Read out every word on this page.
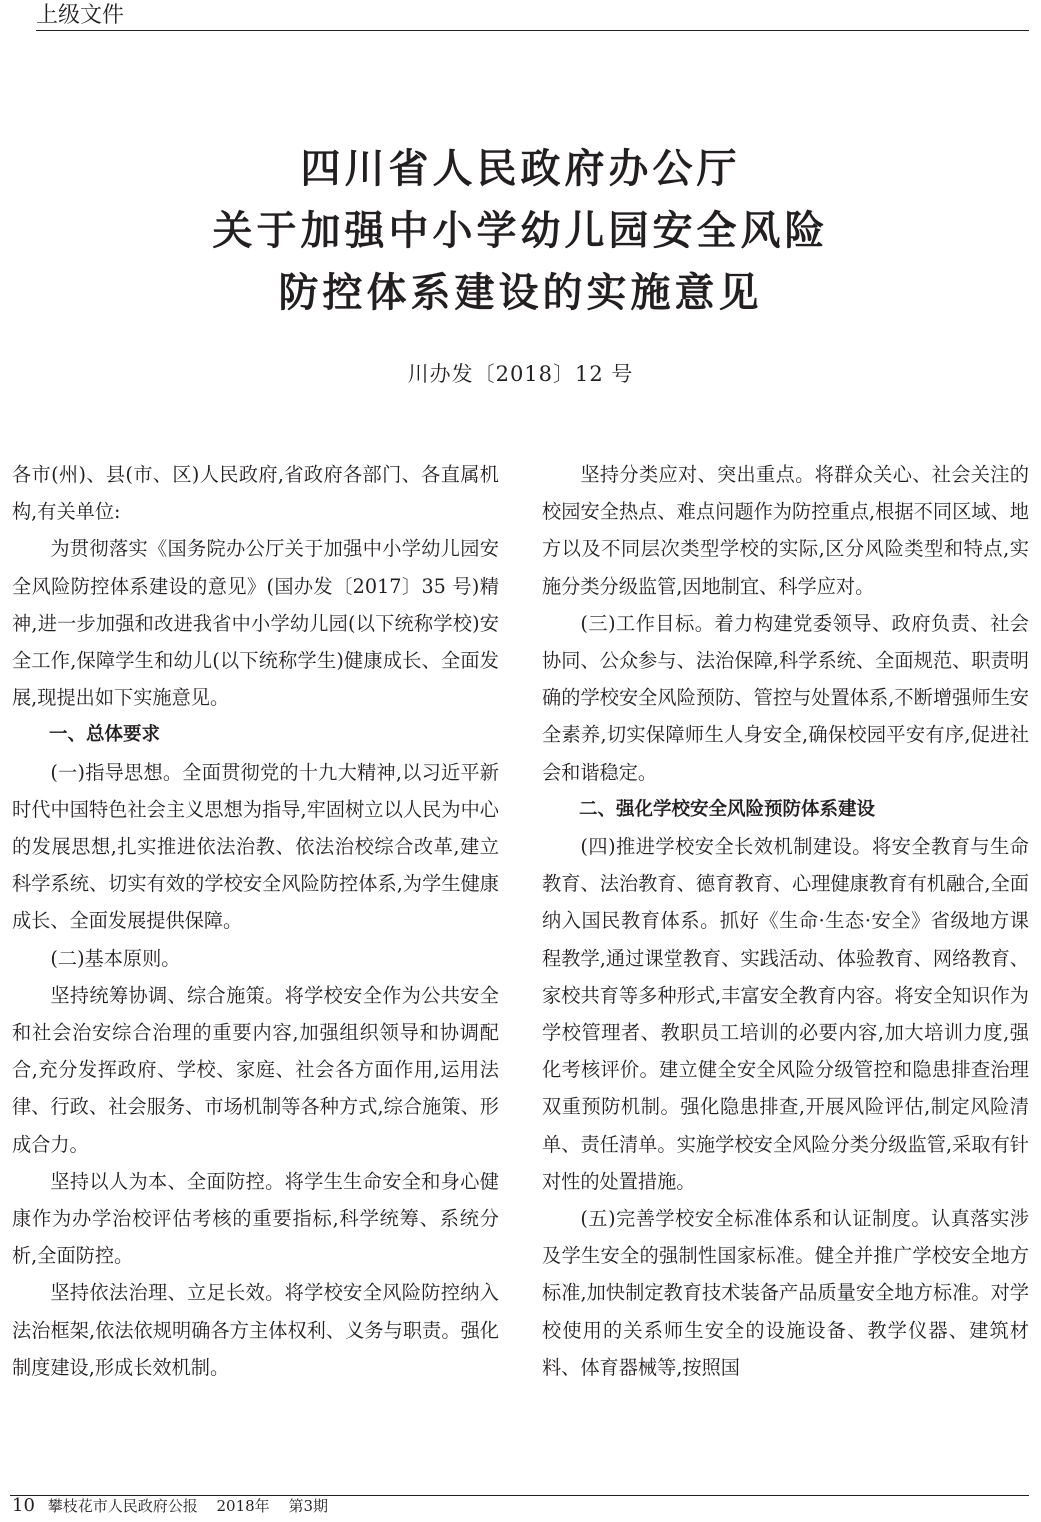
上级文件
四川省人民政府办公厅
关于加强中小学幼儿园安全风险
防控体系建设的实施意见
川办发〔2018〕12 号

各市(州)、县(市、区)人民政府,省政府各部门、各直属机构,有关单位:

为贯彻落实《国务院办公厅关于加强中小学幼儿园安全风险防控体系建设的意见》(国办发〔2017〕35 号)精神,进一步加强和改进我省中小学幼儿园(以下统称学校)安全工作,保障学生和幼儿(以下统称学生)健康成长、全面发展,现提出如下实施意见。

一、总体要求

(一)指导思想。全面贯彻党的十九大精神,以习近平新时代中国特色社会主义思想为指导,牢固树立以人民为中心的发展思想,扎实推进依法治教、依法治校综合改革,建立科学系统、切实有效的学校安全风险防控体系,为学生健康成长、全面发展提供保障。

(二)基本原则。

坚持统筹协调、综合施策。将学校安全作为公共安全和社会治安综合治理的重要内容,加强组织领导和协调配合,充分发挥政府、学校、家庭、社会各方面作用,运用法律、行政、社会服务、市场机制等各种方式,综合施策、形成合力。

坚持以人为本、全面防控。将学生生命安全和身心健康作为办学治校评估考核的重要指标,科学统筹、系统分析,全面防控。

坚持依法治理、立足长效。将学校安全风险防控纳入法治框架,依法依规明确各方主体权利、义务与职责。强化制度建设,形成长效机制。

坚持分类应对、突出重点。将群众关心、社会关注的校园安全热点、难点问题作为防控重点,根据不同区域、地方以及不同层次类型学校的实际,区分风险类型和特点,实施分类分级监管,因地制宜、科学应对。

(三)工作目标。着力构建党委领导、政府负责、社会协同、公众参与、法治保障,科学系统、全面规范、职责明确的学校安全风险预防、管控与处置体系,不断增强师生安全素养,切实保障师生人身安全,确保校园平安有序,促进社会和谐稳定。

二、强化学校安全风险预防体系建设

(四)推进学校安全长效机制建设。将安全教育与生命教育、法治教育、德育教育、心理健康教育有机融合,全面纳入国民教育体系。抓好《生命·生态·安全》省级地方课程教学,通过课堂教育、实践活动、体验教育、网络教育、家校共育等多种形式,丰富安全教育内容。将安全知识作为学校管理者、教职员工培训的必要内容,加大培训力度,强化考核评价。建立健全安全风险分级管控和隐患排查治理双重预防机制。强化隐患排查,开展风险评估,制定风险清单、责任清单。实施学校安全风险分类分级监管,采取有针对性的处置措施。

(五)完善学校安全标准体系和认证制度。认真落实涉及学生安全的强制性国家标准。健全并推广学校安全地方标准,加快制定教育技术装备产品质量安全地方标准。对学校使用的关系师生安全的设施设备、教学仪器、建筑材料、体育器械等,按照国

10 攀枝花市人民政府公报 2018年 第3期
